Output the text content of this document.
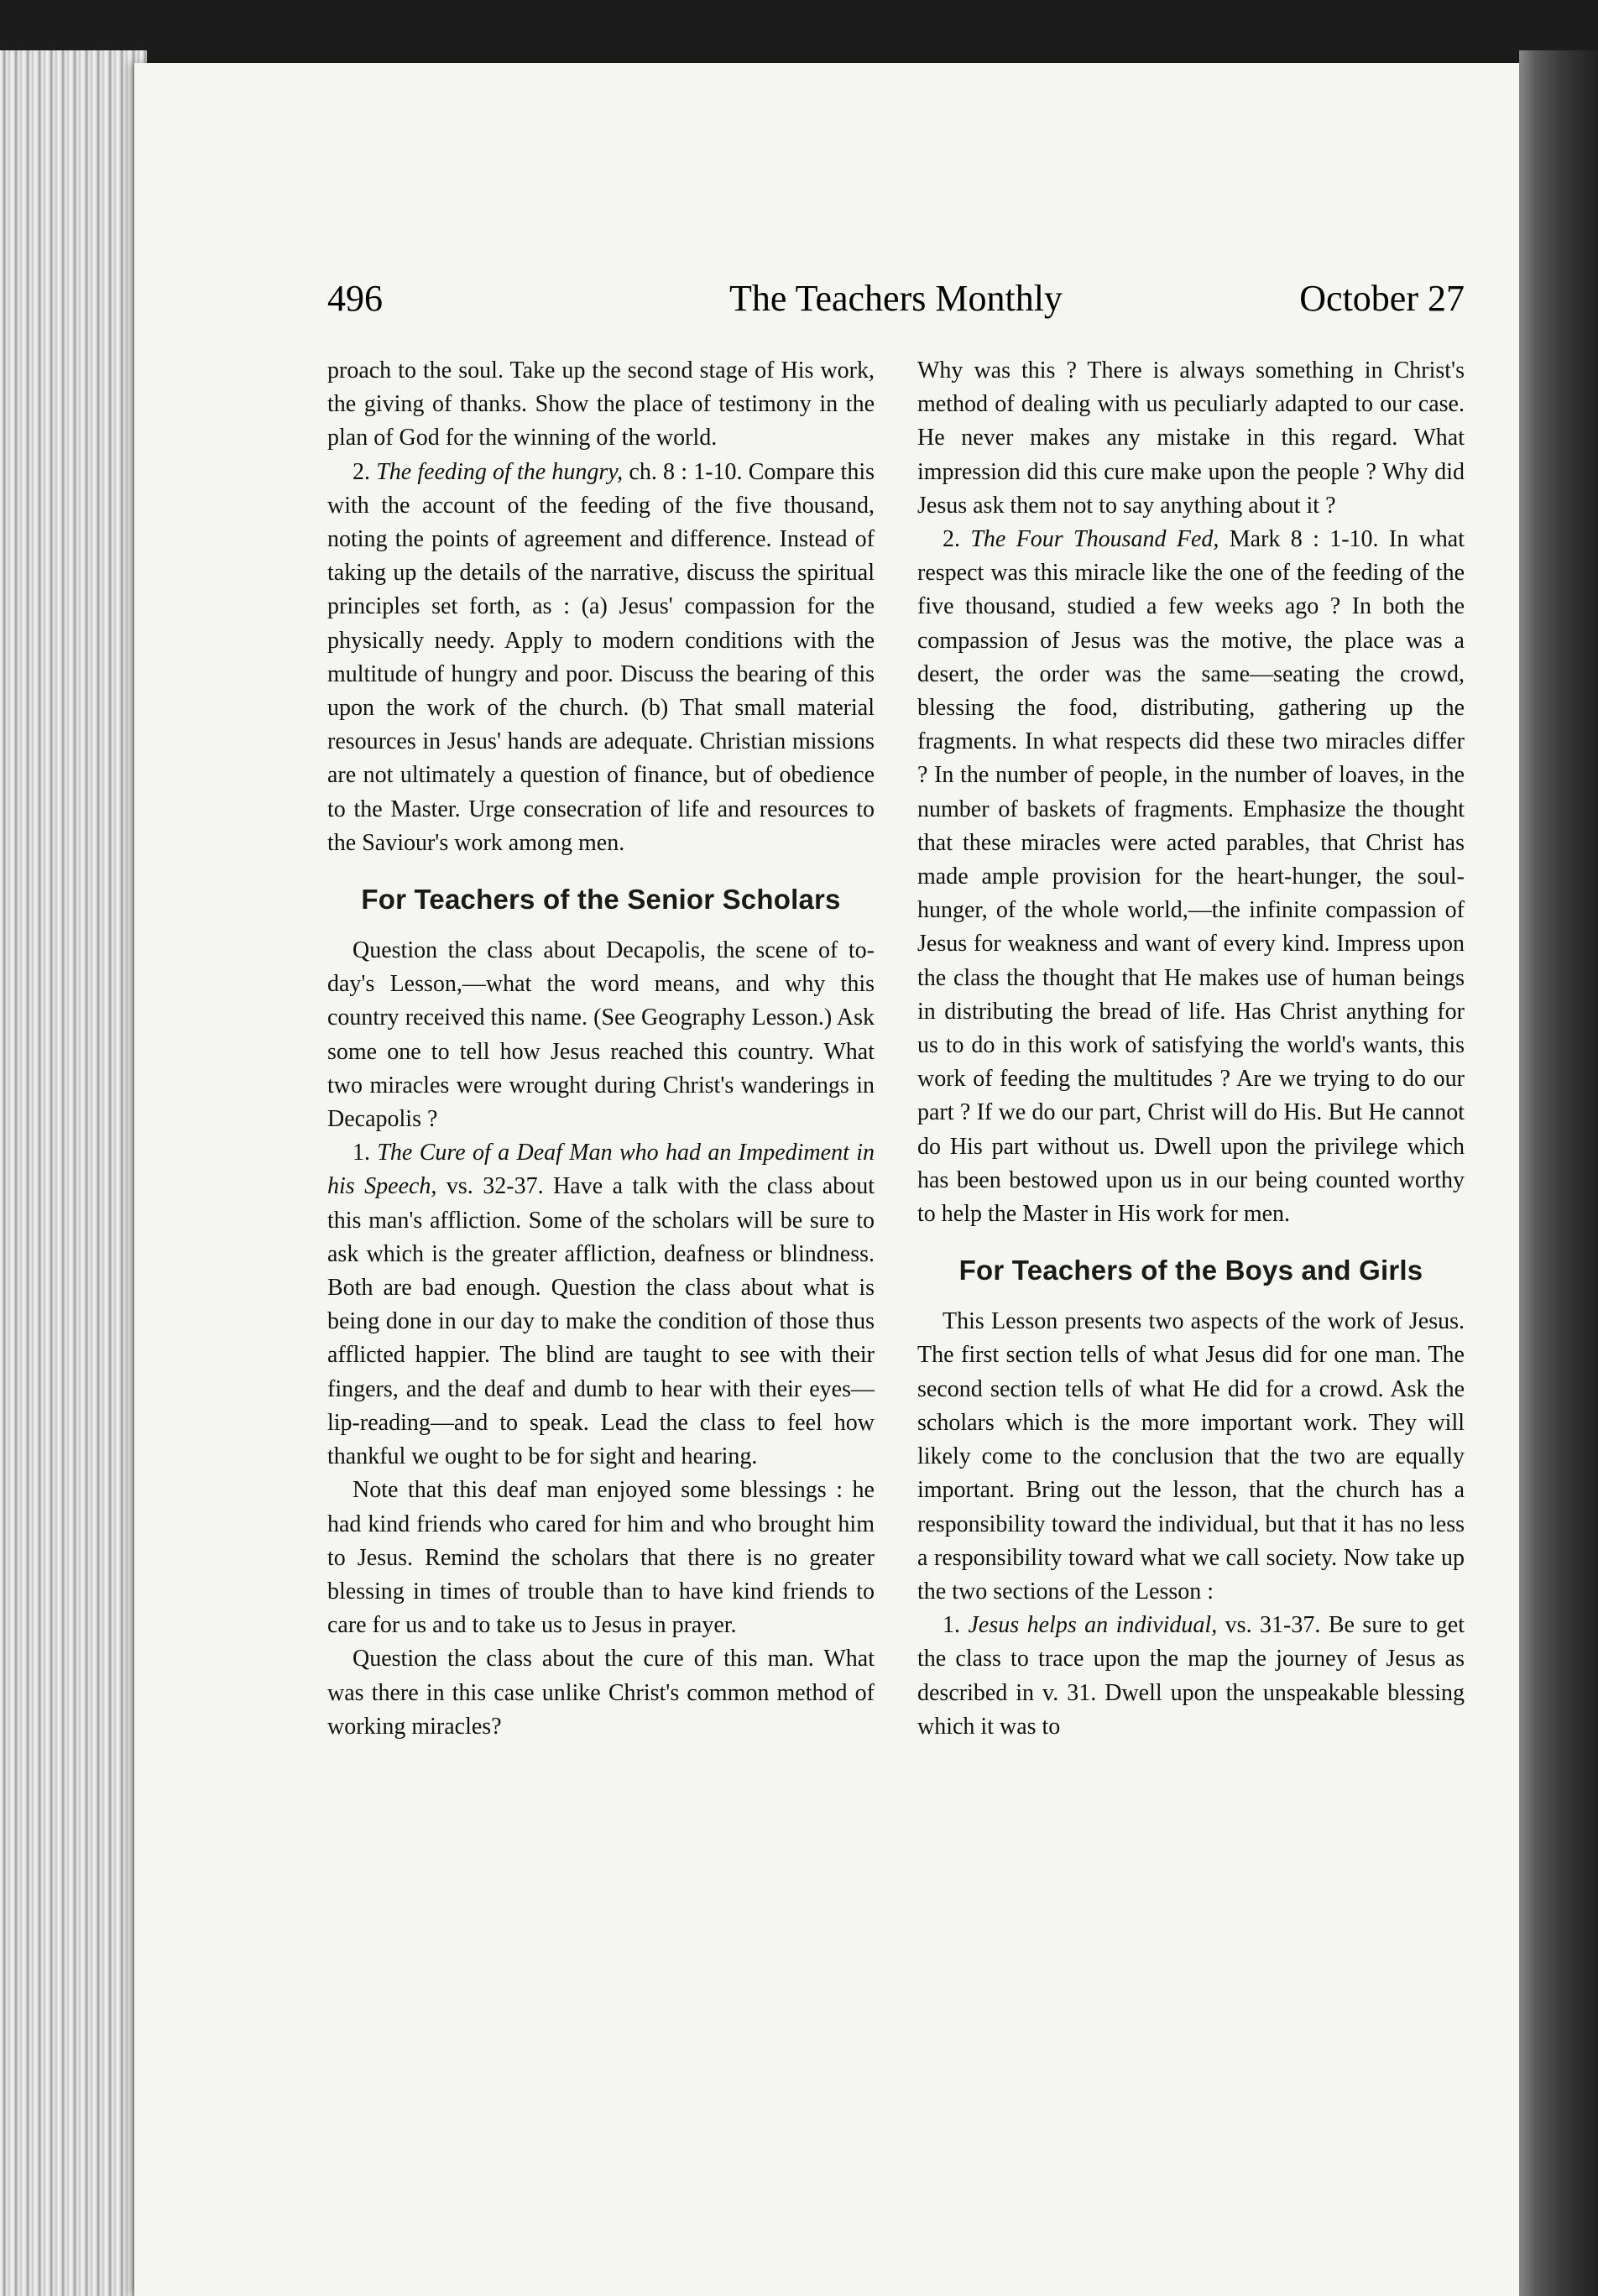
496	The Teachers Monthly	October 27

proach to the soul. Take up the second stage of His work, the giving of thanks. Show the place of testimony in the plan of God for the winning of the world.

2. The feeding of the hungry, ch. 8 : 1-10. Compare this with the account of the feeding of the five thousand, noting the points of agreement and difference. Instead of taking up the details of the narrative, discuss the spiritual principles set forth, as : (a) Jesus' compassion for the physically needy. Apply to modern conditions with the multitude of hungry and poor. Discuss the bearing of this upon the work of the church. (b) That small material resources in Jesus' hands are adequate. Christian missions are not ultimately a question of finance, but of obedience to the Master. Urge consecration of life and resources to the Saviour's work among men.

For Teachers of the Senior Scholars

Question the class about Decapolis, the scene of to-day's Lesson,—what the word means, and why this country received this name. (See Geography Lesson.) Ask some one to tell how Jesus reached this country. What two miracles were wrought during Christ's wanderings in Decapolis ?

1. The Cure of a Deaf Man who had an Impediment in his Speech, vs. 32-37. Have a talk with the class about this man's affliction. Some of the scholars will be sure to ask which is the greater affliction, deafness or blindness. Both are bad enough. Question the class about what is being done in our day to make the condition of those thus afflicted happier. The blind are taught to see with their fingers, and the deaf and dumb to hear with their eyes—lip-reading—and to speak. Lead the class to feel how thankful we ought to be for sight and hearing.

Note that this deaf man enjoyed some blessings : he had kind friends who cared for him and who brought him to Jesus. Remind the scholars that there is no greater blessing in times of trouble than to have kind friends to care for us and to take us to Jesus in prayer.

Question the class about the cure of this man. What was there in this case unlike Christ's common method of working miracles?

Why was this ? There is always something in Christ's method of dealing with us peculiarly adapted to our case. He never makes any mistake in this regard. What impression did this cure make upon the people ? Why did Jesus ask them not to say anything about it ?

2. The Four Thousand Fed, Mark 8 : 1-10. In what respect was this miracle like the one of the feeding of the five thousand, studied a few weeks ago ? In both the compassion of Jesus was the motive, the place was a desert, the order was the same—seating the crowd, blessing the food, distributing, gathering up the fragments. In what respects did these two miracles differ ? In the number of people, in the number of loaves, in the number of baskets of fragments. Emphasize the thought that these miracles were acted parables, that Christ has made ample provision for the heart-hunger, the soul-hunger, of the whole world,—the infinite compassion of Jesus for weakness and want of every kind. Impress upon the class the thought that He makes use of human beings in distributing the bread of life. Has Christ anything for us to do in this work of satisfying the world's wants, this work of feeding the multitudes ? Are we trying to do our part ? If we do our part, Christ will do His. But He cannot do His part without us. Dwell upon the privilege which has been bestowed upon us in our being counted worthy to help the Master in His work for men.

For Teachers of the Boys and Girls

This Lesson presents two aspects of the work of Jesus. The first section tells of what Jesus did for one man. The second section tells of what He did for a crowd. Ask the scholars which is the more important work. They will likely come to the conclusion that the two are equally important. Bring out the lesson, that the church has a responsibility toward the individual, but that it has no less a responsibility toward what we call society. Now take up the two sections of the Lesson :

1. Jesus helps an individual, vs. 31-37. Be sure to get the class to trace upon the map the journey of Jesus as described in v. 31. Dwell upon the unspeakable blessing which it was to
